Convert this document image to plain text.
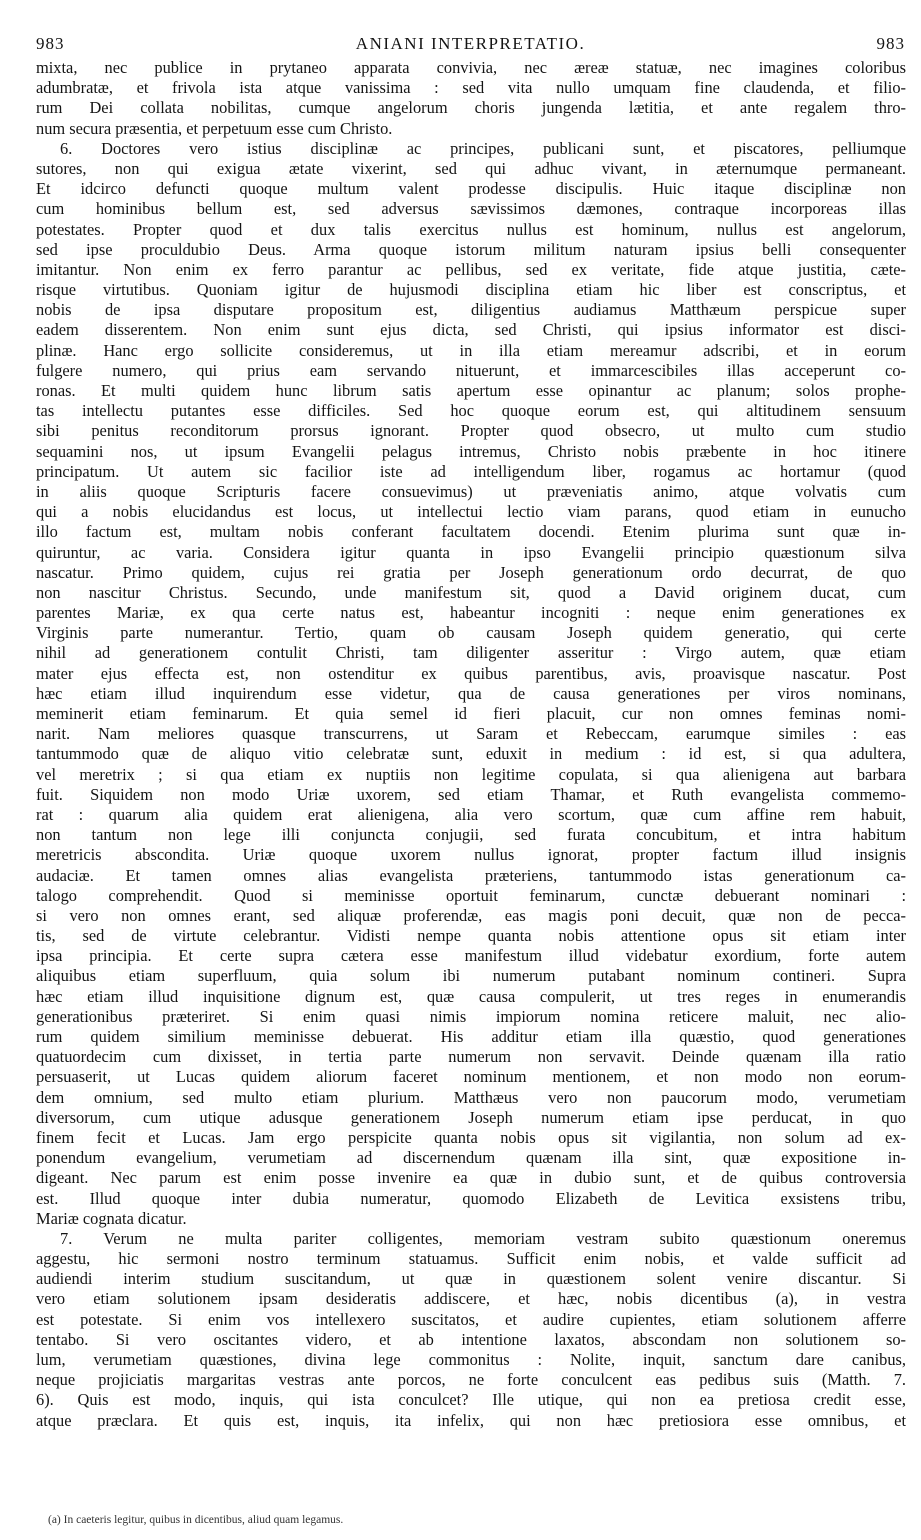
983	ANIANI INTERPRETATIO.	983
mixta, nec publice in prytaneo apparata convivia, nec æreæ statuæ, nec imagines coloribus
adumbratæ, et frivola ista atque vanissima : sed vita nullo umquam fine claudenda, et filio-
rum Dei collata nobilitas, cumque angelorum choris jungenda lætitia, et ante regalem thro-
num secura præsentia, et perpetuum esse cum Christo.
6. Doctores vero istius disciplinæ ac principes, publicani sunt, et piscatores, pelliumque
sutores, non qui exigua ætate vixerint, sed qui adhuc vivant, in æternumque permaneant.
Et idcirco defuncti quoque multum valent prodesse discipulis. Huic itaque disciplinæ non
cum hominibus bellum est, sed adversus sævissimos dæmones, contraque incorporeas illas
potestates. Propter quod et dux talis exercitus nullus est hominum, nullus est angelorum,
sed ipse proculdubio Deus. Arma quoque istorum militum naturam ipsius belli consequenter
imitantur. Non enim ex ferro parantur ac pellibus, sed ex veritate, fide atque justitia, cæte-
risque virtutibus. Quoniam igitur de hujusmodi disciplina etiam hic liber est conscriptus, et
nobis de ipsa disputare propositum est, diligentius audiamus Matthæum perspicue super
eadem disserentem. Non enim sunt ejus dicta, sed Christi, qui ipsius informator est disci-
plinæ. Hanc ergo sollicite consideremus, ut in illa etiam mereamur adscribi, et in eorum
fulgere numero, qui prius eam servando nituerunt, et immarcescibiles illas acceperunt co-
ronas. Et multi quidem hunc librum satis apertum esse opinantur ac planum; solos prophe-
tas intellectu putantes esse difficiles. Sed hoc quoque eorum est, qui altitudinem sensuum
sibi penitus reconditorum prorsus ignorant. Propter quod obsecro, ut multo cum studio
sequamini nos, ut ipsum Evangelii pelagus intremus, Christo nobis præbente in hoc itinere
principatum. Ut autem sic facilior iste ad intelligendum liber, rogamus ac hortamur (quod
in aliis quoque Scripturis facere consuevimus) ut præveniatis animo, atque volvatis cum
qui a nobis elucidandus est locus, ut intellectui lectio viam parans, quod etiam in eunucho
illo factum est, multam nobis conferant facultatem docendi. Etenim plurima sunt quæ in-
quiruntur, ac varia. Considera igitur quanta in ipso Evangelii principio quæstionum silva
nascatur. Primo quidem, cujus rei gratia per Joseph generationum ordo decurrat, de quo
non nascitur Christus. Secundo, unde manifestum sit, quod a David originem ducat, cum
parentes Mariæ, ex qua certe natus est, habeantur incogniti : neque enim generationes ex
Virginis parte numerantur. Tertio, quam ob causam Joseph quidem generatio, qui certe
nihil ad generationem contulit Christi, tam diligenter asseritur : Virgo autem, quæ etiam
mater ejus effecta est, non ostenditur ex quibus parentibus, avis, proavisque nascatur. Post
hæc etiam illud inquirendum esse videtur, qua de causa generationes per viros nominans,
meminerit etiam feminarum. Et quia semel id fieri placuit, cur non omnes feminas nomi-
narit. Nam meliores quasque transcurrens, ut Saram et Rebeccam, earumque similes : eas
tantummodo quæ de aliquo vitio celebratæ sunt, eduxit in medium : id est, si qua adultera,
vel meretrix ; si qua etiam ex nuptiis non legitime copulata, si qua alienigena aut barbara
fuit. Siquidem non modo Uriæ uxorem, sed etiam Thamar, et Ruth evangelista commemo-
rat : quarum alia quidem erat alienigena, alia vero scortum, quæ cum affine rem habuit,
non tantum non lege illi conjuncta conjugii, sed furata concubitum, et intra habitum
meretricis abscondita. Uriæ quoque uxorem nullus ignorat, propter factum illud insignis
audaciæ. Et tamen omnes alias evangelista præteriens, tantummodo istas generationum ca-
talogo comprehendit. Quod si meminisse oportuit feminarum, cunctæ debuerant nominari :
si vero non omnes erant, sed aliquæ proferendæ, eas magis poni decuit, quæ non de pecca-
tis, sed de virtute celebrantur. Vidisti nempe quanta nobis attentione opus sit etiam inter
ipsa principia. Et certe supra cætera esse manifestum illud videbatur exordium, forte autem
aliquibus etiam superfluum, quia solum ibi numerum putabant nominum contineri. Supra
hæc etiam illud inquisitione dignum est, quæ causa compulerit, ut tres reges in enumerandis
generationibus præteriret. Si enim quasi nimis impiorum nomina reticere maluit, nec alio-
rum quidem similium meminisse debuerat. His additur etiam illa quæstio, quod generationes
quatuordecim cum dixisset, in tertia parte numerum non servavit. Deinde quænam illa ratio
persuaserit, ut Lucas quidem aliorum faceret nominum mentionem, et non modo non eorum-
dem omnium, sed multo etiam plurium. Matthæus vero non paucorum modo, verumetiam
diversorum, cum utique adusque generationem Joseph numerum etiam ipse perducat, in quo
finem fecit et Lucas. Jam ergo perspicite quanta nobis opus sit vigilantia, non solum ad ex-
ponendum evangelium, verumetiam ad discernendum quænam illa sint, quæ expositione in-
digeant. Nec parum est enim posse invenire ea quæ in dubio sunt, et de quibus controversia
est. Illud quoque inter dubia numeratur, quomodo Elizabeth de Levitica exsistens tribu,
Mariæ cognata dicatur.
7. Verum ne multa pariter colligentes, memoriam vestram subito quæstionum oneremus
aggestu, hic sermoni nostro terminum statuamus. Sufficit enim nobis, et valde sufficit ad
audiendi interim studium suscitandum, ut quæ in quæstionem solent venire discantur. Si
vero etiam solutionem ipsam desideratis addiscere, et hæc, nobis dicentibus (a), in vestra
est potestate. Si enim vos intellexero suscitatos, et audire cupientes, etiam solutionem afferre
tentabo. Si vero oscitantes videro, et ab intentione laxatos, abscondam non solutionem so-
lum, verumetiam quæstiones, divina lege commonitus : Nolite, inquit, sanctum dare canibus,
neque projiciatis margaritas vestras ante porcos, ne forte conculcent eas pedibus suis (Matth. 7.
6). Quis est modo, inquis, qui ista conculcet? Ille utique, qui non ea pretiosa credit esse,
atque præclara. Et quis est, inquis, ita infelix, qui non hæc pretiosiora esse omnibus, et
(a) In caeteris legitur, quibus in dicentibus, aliud quam legamus.
